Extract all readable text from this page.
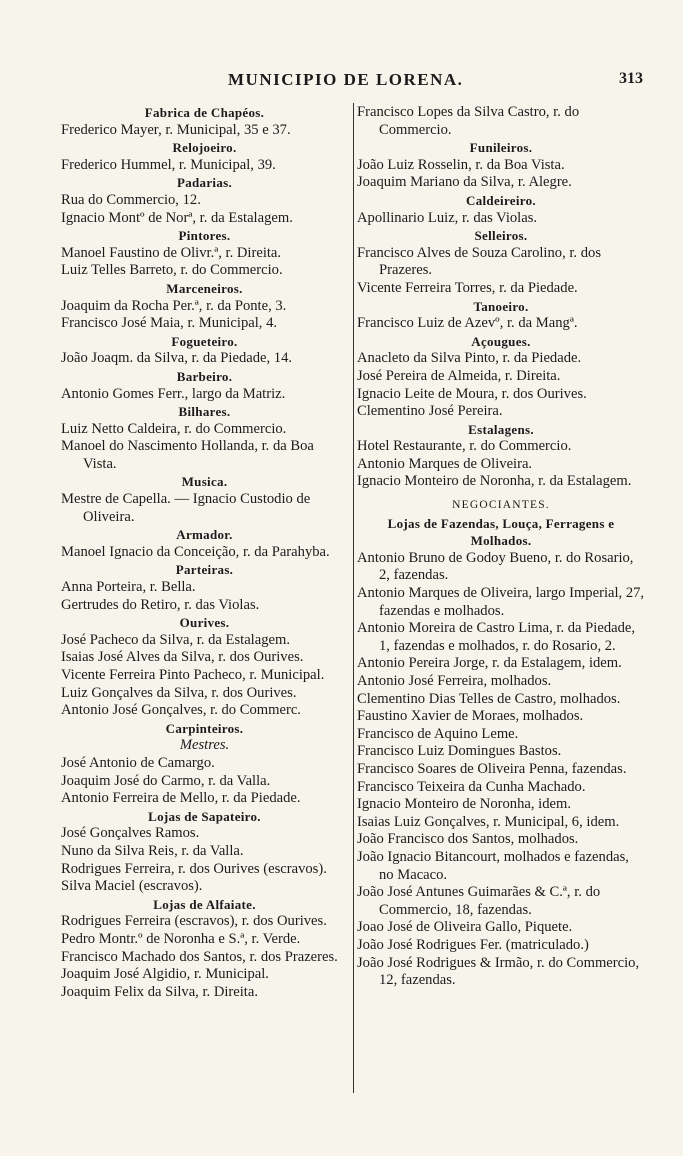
MUNICIPIO DE LORENA.	313
Fabrica de Chapéos.
Frederico Mayer, r. Municipal, 35 e 37.
Relojoeiro.
Frederico Hummel, r. Municipal, 39.
Padarias.
Rua do Commercio, 12.
Ignacio Montº de Norª, r. da Estalagem.
Pintores.
Manoel Faustino de Olivr.ª, r. Direita.
Luiz Telles Barreto, r. do Commercio.
Marceneiros.
Joaquim da Rocha Per.ª, r. da Ponte, 3.
Francisco José Maia, r. Municipal, 4.
Fogueteiro.
João Joaqm. da Silva, r. da Piedade, 14.
Barbeiro.
Antonio Gomes Ferr., largo da Matriz.
Bilhares.
Luiz Netto Caldeira, r. do Commercio.
Manoel do Nascimento Hollanda, r. da Boa Vista.
Musica.
Mestre de Capella. — Ignacio Custodio de Oliveira.
Armador.
Manoel Ignacio da Conceição, r. da Parahyba.
Parteiras.
Anna Porteira, r. Bella.
Gertrudes do Retiro, r. das Violas.
Ourives.
José Pacheco da Silva, r. da Estalagem.
Isaias José Alves da Silva, r. dos Ourives.
Vicente Ferreira Pinto Pacheco, r. Municipal.
Luiz Gonçalves da Silva, r. dos Ourives.
Antonio José Gonçalves, r. do Commerc.
Carpinteiros.
Mestres.
José Antonio de Camargo.
Joaquim José do Carmo, r. da Valla.
Antonio Ferreira de Mello, r. da Piedade.
Lojas de Sapateiro.
José Gonçalves Ramos.
Nuno da Silva Reis, r. da Valla.
Rodrigues Ferreira, r. dos Ourives (escravos).
Silva Maciel (escravos).
Lojas de Alfaiate.
Rodrigues Ferreira (escravos), r. dos Ourives.
Pedro Montr.º de Noronha e S.ª, r. Verde.
Francisco Machado dos Santos, r. dos Prazeres.
Joaquim José Algidio, r. Municipal.
Joaquim Felix da Silva, r. Direita.
Francisco Lopes da Silva Castro, r. do Commercio.
Funileiros.
João Luiz Rosselin, r. da Boa Vista.
Joaquim Mariano da Silva, r. Alegre.
Caldeireiro.
Apollinario Luiz, r. das Violas.
Selleiros.
Francisco Alves de Souza Carolino, r. dos Prazeres.
Vicente Ferreira Torres, r. da Piedade.
Tanoeiro.
Francisco Luiz de Azevº, r. da Mangª.
Açougues.
Anacleto da Silva Pinto, r. da Piedade.
José Pereira de Almeida, r. Direita.
Ignacio Leite de Moura, r. dos Ourives.
Clementino José Pereira.
Estalagens.
Hotel Restaurante, r. do Commercio.
Antonio Marques de Oliveira.
Ignacio Monteiro de Noronha, r. da Estalagem.
NEGOCIANTES.
Lojas de Fazendas, Louça, Ferragens e Molhados.
Antonio Bruno de Godoy Bueno, r. do Rosario, 2, fazendas.
Antonio Marques de Oliveira, largo Imperial, 27, fazendas e molhados.
Antonio Moreira de Castro Lima, r. da Piedade, 1, fazendas e molhados, r. do Rosario, 2.
Antonio Pereira Jorge, r. da Estalagem, idem.
Antonio José Ferreira, molhados.
Clementino Dias Telles de Castro, molhados.
Faustino Xavier de Moraes, molhados.
Francisco de Aquino Leme.
Francisco Luiz Domingues Bastos.
Francisco Soares de Oliveira Penna, fazendas.
Francisco Teixeira da Cunha Machado.
Ignacio Monteiro de Noronha, idem.
Isaias Luiz Gonçalves, r. Municipal, 6, idem.
João Francisco dos Santos, molhados.
João Ignacio Bitancourt, molhados e fazendas, no Macaco.
João José Antunes Guimarães & C.ª, r. do Commercio, 18, fazendas.
Joao José de Oliveira Gallo, Piquete.
João José Rodrigues Fer. (matriculado.)
João José Rodrigues & Irmão, r. do Commercio, 12, fazendas.
